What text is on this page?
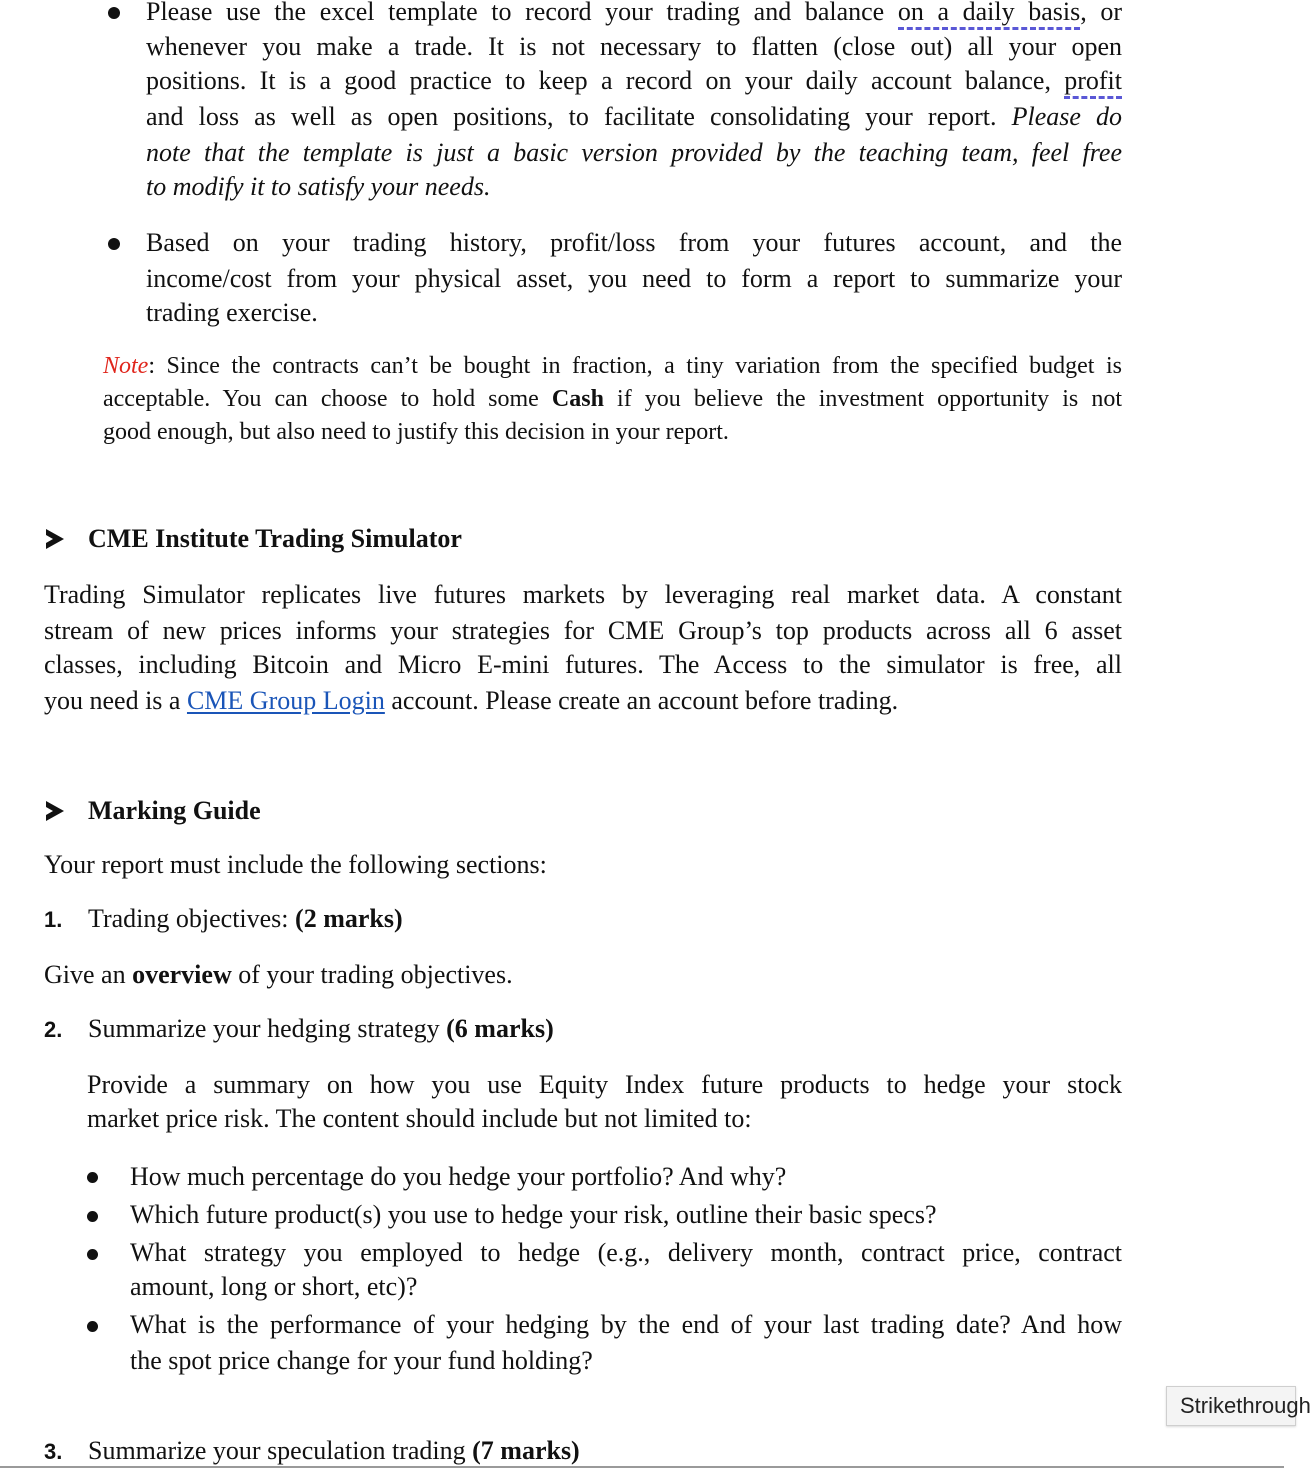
Please use the excel template to record your trading and balance on a daily basis, or

whenever you make a trade. It is not necessary to flatten (close out) all your open

positions. It is a good practice to keep a record on your daily account balance, profit

and loss as well as open positions, to facilitate consolidating your report. Please do

note that the template is just a basic version provided by the teaching team, feel free

to modify it to satisfy your needs.

Based on your trading history, profit/loss from your futures account, and the

income/cost from your physical asset, you need to form a report to summarize your

trading exercise.

Note: Since the contracts can’t be bought in fraction, a tiny variation from the specified budget is

acceptable. You can choose to hold some Cash if you believe the investment opportunity is not

good enough, but also need to justify this decision in your report.

CME Institute Trading Simulator

Trading Simulator replicates live futures markets by leveraging real market data. A constant

stream of new prices informs your strategies for CME Group’s top products across all 6 asset

classes, including Bitcoin and Micro E-mini futures. The Access to the simulator is free, all

you need is a CME Group Login account. Please create an account before trading.

Marking Guide

Your report must include the following sections:

1. Trading objectives: (2 marks)

Give an overview of your trading objectives.

2. Summarize your hedging strategy (6 marks)

Provide a summary on how you use Equity Index future products to hedge your stock

market price risk. The content should include but not limited to:

How much percentage do you hedge your portfolio? And why?

Which future product(s) you use to hedge your risk, outline their basic specs?

What strategy you employed to hedge (e.g., delivery month, contract price, contract

amount, long or short, etc)?

What is the performance of your hedging by the end of your last trading date? And how

the spot price change for your fund holding?

3. Summarize your speculation trading (7 marks)

Strikethrough
